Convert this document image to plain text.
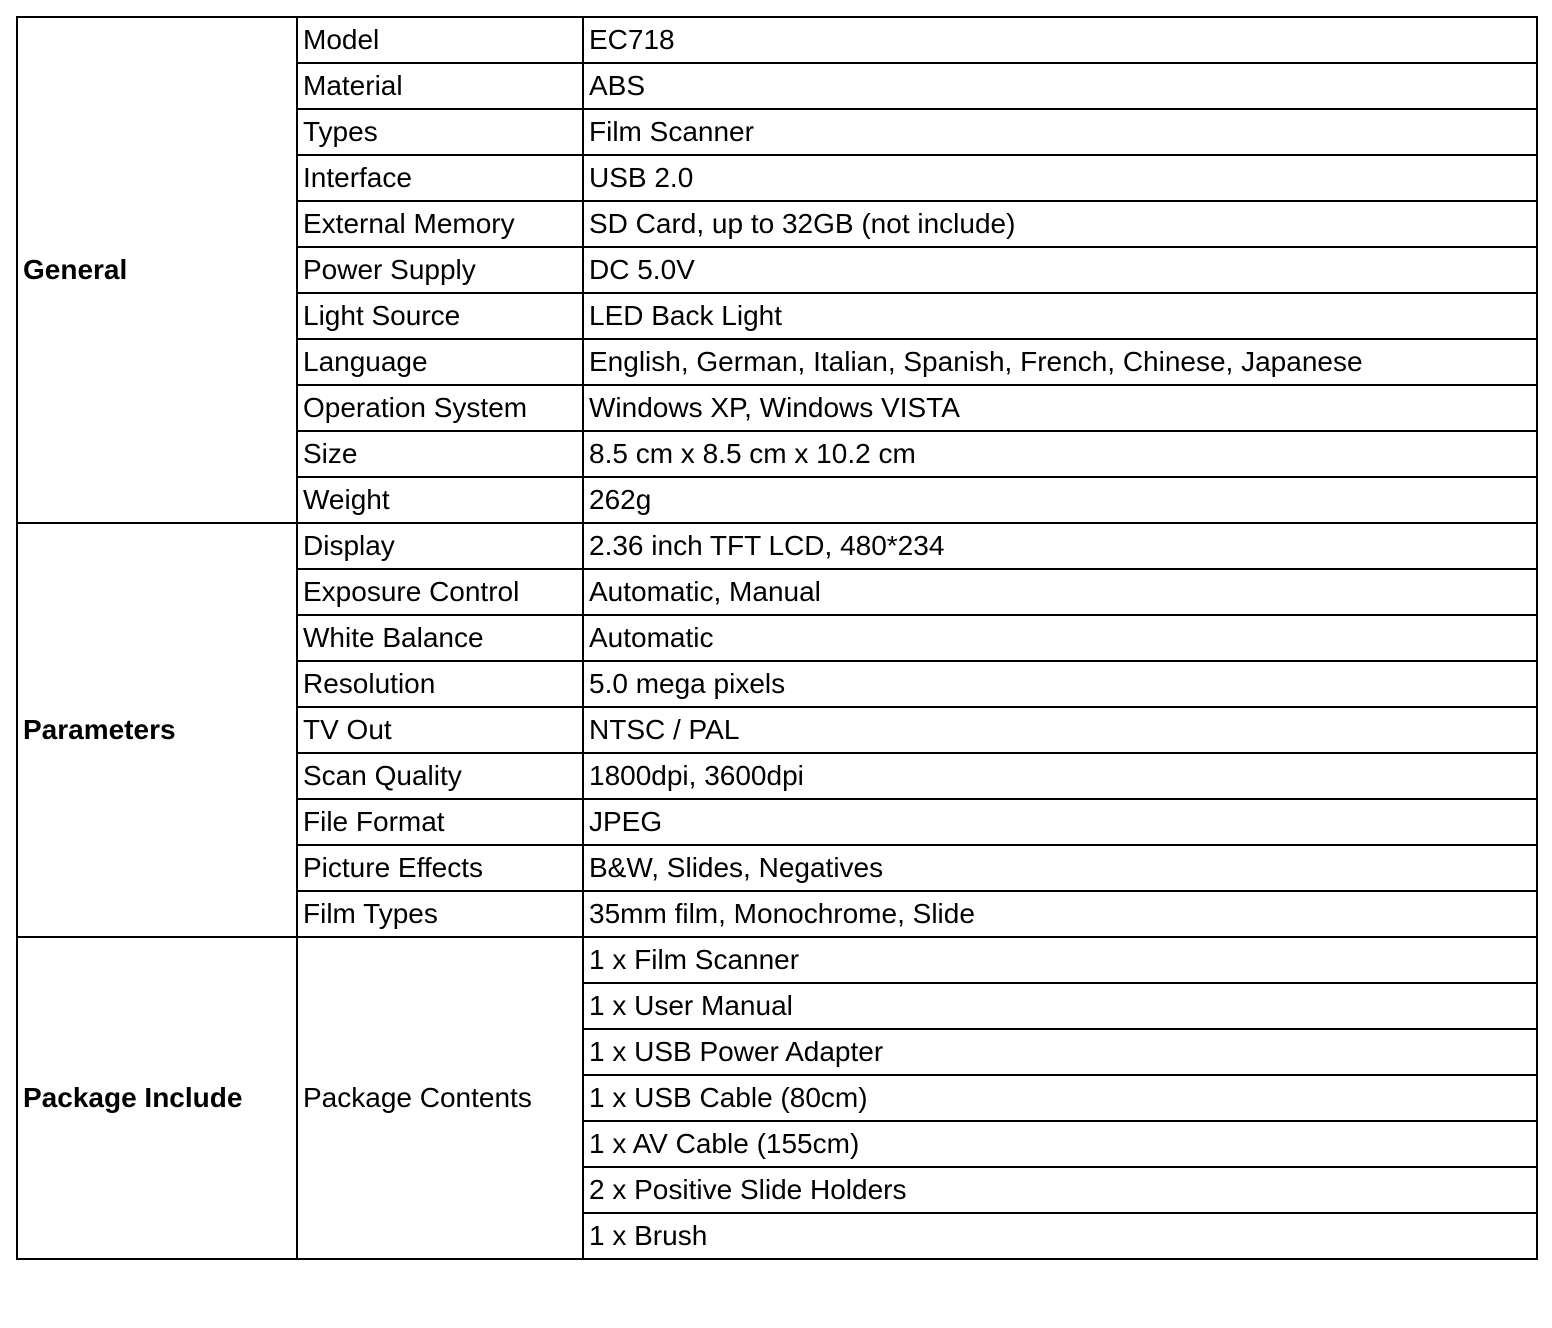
General	Model	EC718
	Material	ABS
	Types	Film Scanner
	Interface	USB 2.0
	External Memory	SD Card, up to 32GB (not include)
	Power Supply	DC 5.0V
	Light Source	LED Back Light
	Language	English, German, Italian, Spanish, French, Chinese, Japanese
	Operation System	Windows XP, Windows VISTA
	Size	8.5 cm x 8.5 cm x 10.2 cm
	Weight	262g
Parameters	Display	2.36 inch TFT LCD, 480*234
	Exposure Control	Automatic, Manual
	White Balance	Automatic
	Resolution	5.0 mega pixels
	TV Out	NTSC / PAL
	Scan Quality	1800dpi, 3600dpi
	File Format	JPEG
	Picture Effects	B&W, Slides, Negatives
	Film Types	35mm film, Monochrome, Slide
Package Include	Package Contents	1 x Film Scanner
		1 x User Manual
		1 x USB Power Adapter
		1 x USB Cable (80cm)
		1 x AV Cable (155cm)
		2 x Positive Slide Holders
		1 x Brush
